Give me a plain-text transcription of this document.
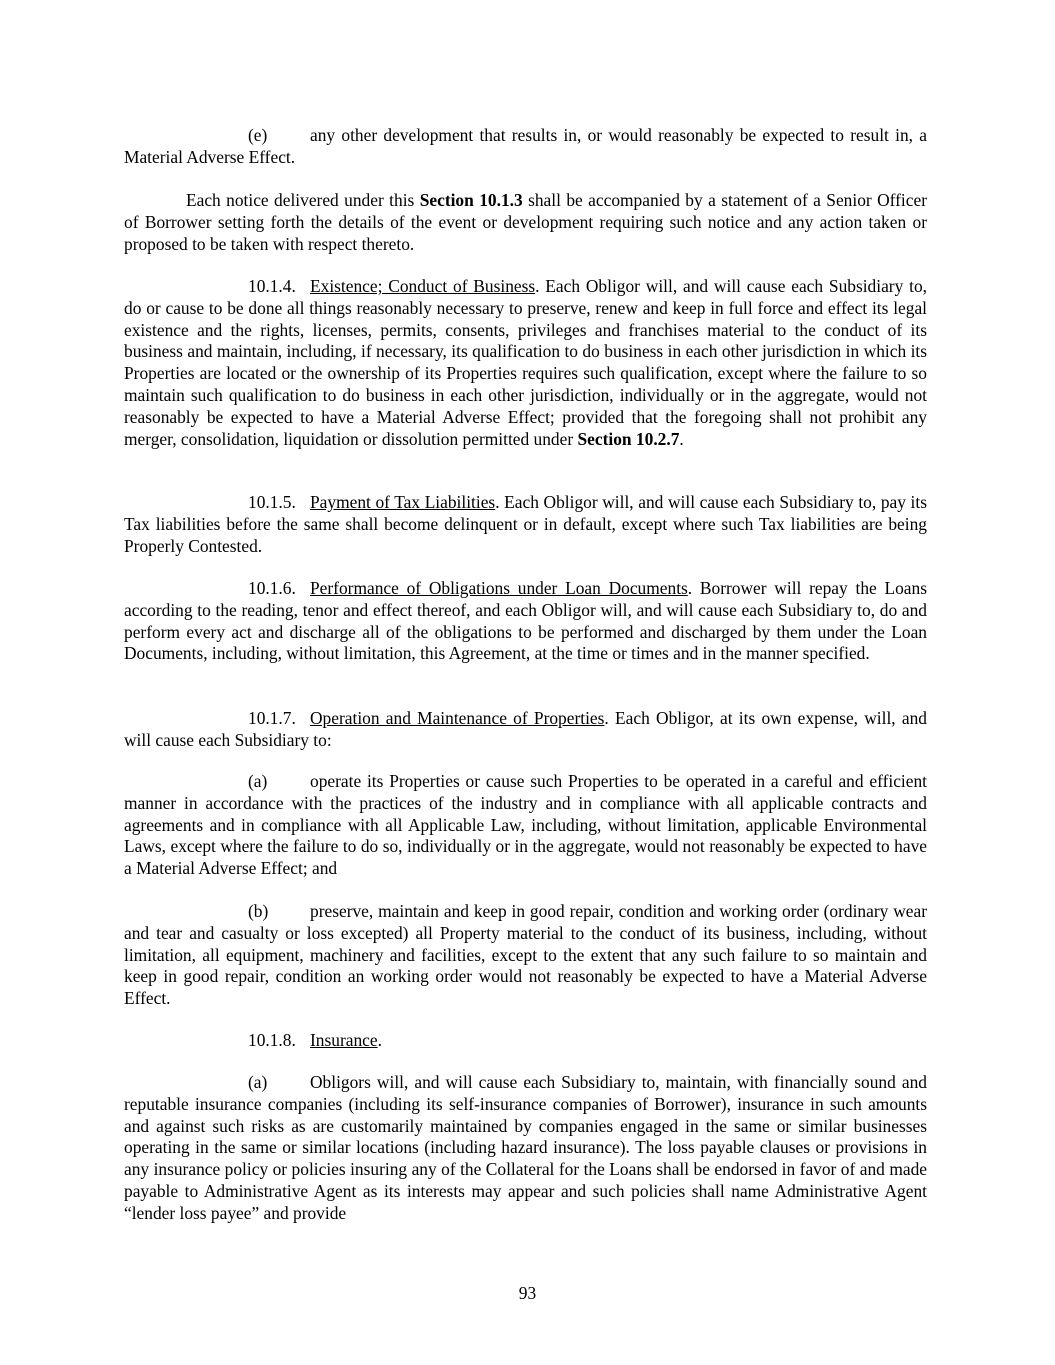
(e) any other development that results in, or would reasonably be expected to result in, a Material Adverse Effect.

Each notice delivered under this Section 10.1.3 shall be accompanied by a statement of a Senior Officer of Borrower setting forth the details of the event or development requiring such notice and any action taken or proposed to be taken with respect thereto.

10.1.4. Existence; Conduct of Business. Each Obligor will, and will cause each Subsidiary to, do or cause to be done all things reasonably necessary to preserve, renew and keep in full force and effect its legal existence and the rights, licenses, permits, consents, privileges and franchises material to the conduct of its business and maintain, including, if necessary, its qualification to do business in each other jurisdiction in which its Properties are located or the ownership of its Properties requires such qualification, except where the failure to so maintain such qualification to do business in each other jurisdiction, individually or in the aggregate, would not reasonably be expected to have a Material Adverse Effect; provided that the foregoing shall not prohibit any merger, consolidation, liquidation or dissolution permitted under Section 10.2.7.

10.1.5. Payment of Tax Liabilities. Each Obligor will, and will cause each Subsidiary to, pay its Tax liabilities before the same shall become delinquent or in default, except where such Tax liabilities are being Properly Contested.

10.1.6. Performance of Obligations under Loan Documents. Borrower will repay the Loans according to the reading, tenor and effect thereof, and each Obligor will, and will cause each Subsidiary to, do and perform every act and discharge all of the obligations to be performed and discharged by them under the Loan Documents, including, without limitation, this Agreement, at the time or times and in the manner specified.

10.1.7. Operation and Maintenance of Properties. Each Obligor, at its own expense, will, and will cause each Subsidiary to:

(a) operate its Properties or cause such Properties to be operated in a careful and efficient manner in accordance with the practices of the industry and in compliance with all applicable contracts and agreements and in compliance with all Applicable Law, including, without limitation, applicable Environmental Laws, except where the failure to do so, individually or in the aggregate, would not reasonably be expected to have a Material Adverse Effect; and

(b) preserve, maintain and keep in good repair, condition and working order (ordinary wear and tear and casualty or loss excepted) all Property material to the conduct of its business, including, without limitation, all equipment, machinery and facilities, except to the extent that any such failure to so maintain and keep in good repair, condition an working order would not reasonably be expected to have a Material Adverse Effect.

10.1.8. Insurance.

(a) Obligors will, and will cause each Subsidiary to, maintain, with financially sound and reputable insurance companies (including its self-insurance companies of Borrower), insurance in such amounts and against such risks as are customarily maintained by companies engaged in the same or similar businesses operating in the same or similar locations (including hazard insurance). The loss payable clauses or provisions in any insurance policy or policies insuring any of the Collateral for the Loans shall be endorsed in favor of and made payable to Administrative Agent as its interests may appear and such policies shall name Administrative Agent “lender loss payee” and provide

93
